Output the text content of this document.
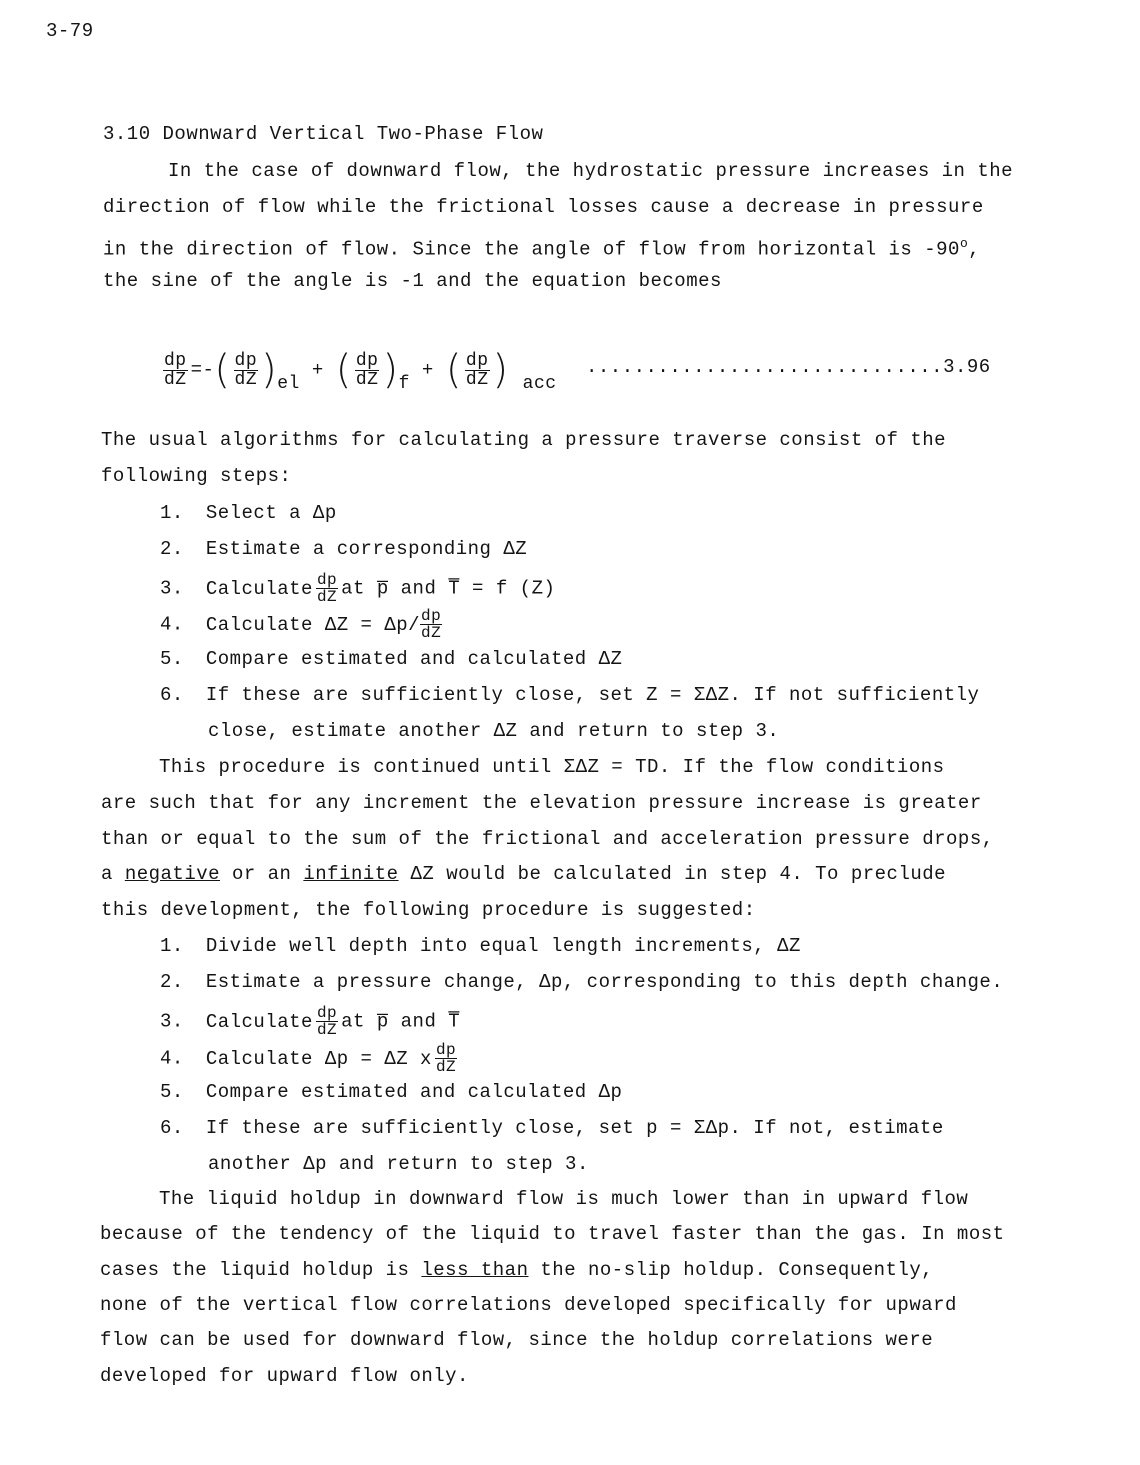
3-79
3.10 Downward Vertical Two-Phase Flow
In the case of downward flow, the hydrostatic pressure increases in the
direction of flow while the frictional losses cause a decrease in pressure
in the direction of flow. Since the angle of flow from horizontal is -90$^o$,
the sine of the angle is -1 and the equation becomes
$\frac{dp}{dZ}$ =- ( $\frac{dp}{dZ}$ ) el
+ ( $\frac{dp}{dZ}$ ) f
+ ( $\frac{dp}{dZ}$ ) acc
..............................3.96
The usual algorithms for calculating a pressure traverse consist of the
following steps:
1. Select a Δp
2. Estimate a corresponding ΔZ
3. Calculate $\frac{dp}{dZ}$ at p̅ and T̅ = f (Z)
4. Calculate $\Delta Z = \Delta p/ \frac{dp}{dZ}$
5. Compare estimated and calculated ΔZ
6. If these are sufficiently close, set Z = ΣΔZ. If not sufficiently
close, estimate another ΔZ and return to step 3.
This procedure is continued until ΣΔZ = TD. If the flow conditions
are such that for any increment the elevation pressure increase is greater
than or equal to the sum of the frictional and acceleration pressure drops,
a negative or an infinite ΔZ would be calculated in step 4. To preclude
this development, the following procedure is suggested:
1. Divide well depth into equal length increments, ΔZ
2. Estimate a pressure change, Δp, corresponding to this depth change.
3. Calculate $\frac{dp}{dZ}$ at p̅ and T̅
4. Calculate Δp = ΔZ x $\frac{dp}{dZ}$
5. Compare estimated and calculated Δp
6. If these are sufficiently close, set p = ΣΔp. If not, estimate
another Δp and return to step 3.
The liquid holdup in downward flow is much lower than in upward flow
because of the tendency of the liquid to travel faster than the gas. In most
cases the liquid holdup is less than the no-slip holdup. Consequently,
none of the vertical flow correlations developed specifically for upward
flow can be used for downward flow, since the holdup correlations were
developed for upward flow only.
